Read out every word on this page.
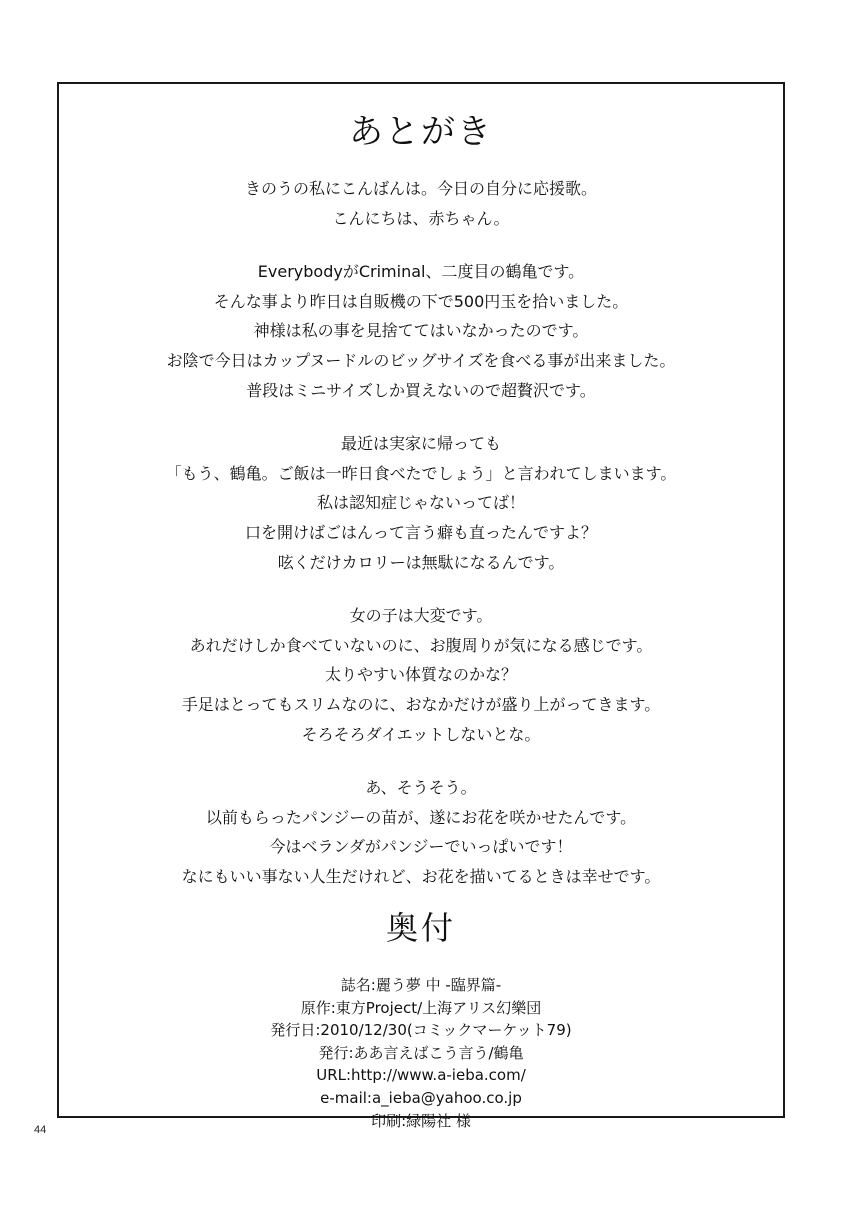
あとがき
きのうの私にこんばんは。今日の自分に応援歌。
こんにちは、赤ちゃん。
EverybodyがCriminal、二度目の鶴亀です。
そんな事より昨日は自販機の下で500円玉を拾いました。
神様は私の事を見捨ててはいなかったのです。
お陰で今日はカップヌードルのビッグサイズを食べる事が出来ました。
普段はミニサイズしか買えないので超贅沢です。
最近は実家に帰っても
「もう、鶴亀。ご飯は一昨日食べたでしょう」と言われてしまいます。
私は認知症じゃないってば！
口を開けばごはんって言う癖も直ったんですよ？
呟くだけカロリーは無駄になるんです。
女の子は大変です。
あれだけしか食べていないのに、お腹周りが気になる感じです。
太りやすい体質なのかな？
手足はとってもスリムなのに、おなかだけが盛り上がってきます。
そろそろダイエットしないとな。
あ、そうそう。
以前もらったパンジーの苗が、遂にお花を咲かせたんです。
今はベランダがパンジーでいっぱいです！
なにもいい事ない人生だけれど、お花を描いてるときは幸せです。
奥付
誌名:麗う夢 中 -臨界篇-
原作:東方Project/上海アリス幻樂団
発行日:2010/12/30(コミックマーケット79)
発行:ああ言えばこう言う/鶴亀
URL:http://www.a-ieba.com/
e-mail:a_ieba@yahoo.co.jp
印刷:緑陽社 様
44
